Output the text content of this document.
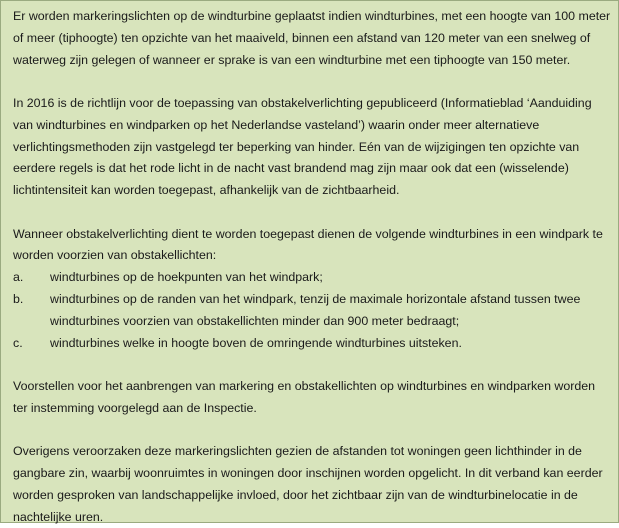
Er worden markeringslichten op de windturbine geplaatst indien windturbines, met een hoogte van 100 meter of meer (tiphoogte) ten opzichte van het maaiveld, binnen een afstand van 120 meter van een snelweg of waterweg zijn gelegen of wanneer er sprake is van een windturbine met een tiphoogte van 150 meter.

In 2016 is de richtlijn voor de toepassing van obstakelverlichting gepubliceerd (Informatieblad ‘Aanduiding van windturbines en windparken op het Nederlandse vasteland’) waarin onder meer alternatieve verlichtingsmethoden zijn vastgelegd ter beperking van hinder. Eén van de wijzigingen ten opzichte van eerdere regels is dat het rode licht in de nacht vast brandend mag zijn maar ook dat een (wisselende) lichtintensiteit kan worden toegepast, afhankelijk van de zichtbaarheid.

Wanneer obstakelverlichting dient te worden toegepast dienen de volgende windturbines in een windpark te worden voorzien van obstakellichten:

a. windturbines op de hoekpunten van het windpark;
b. windturbines op de randen van het windpark, tenzij de maximale horizontale afstand tussen twee windturbines voorzien van obstakellichten minder dan 900 meter bedraagt;
c. windturbines welke in hoogte boven de omringende windturbines uitsteken.

Voorstellen voor het aanbrengen van markering en obstakellichten op windturbines en windparken worden ter instemming voorgelegd aan de Inspectie.

Overigens veroorzaken deze markeringslichten gezien de afstanden tot woningen geen lichthinder in de gangbare zin, waarbij woonruimtes in woningen door inschijnen worden opgelicht. In dit verband kan eerder worden gesproken van landschappelijke invloed, door het zichtbaar zijn van de windturbinelocatie in de nachtelijke uren.
